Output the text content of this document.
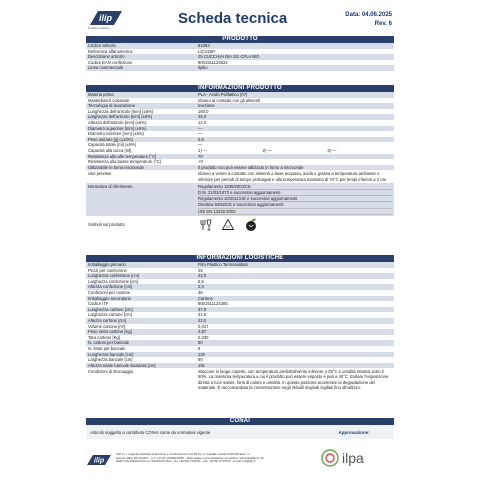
ilip
Prodotto in plastica
Scheda tecnica	Data: 04.06.2025
Rev. 6
PRODOTTO
Codice articolo	81083
Referenza alfanumerica	LICU25P
Descrizione articolo	25 CUCCHIAI BIA.SG CPLA BIO
Codice EAN confezione	8001511124822
Linea commerciale	Ilpilio
INFORMAZIONI PRODOTTO
Materia prima	PLA - Acido Polilattico (07)
Masterbatch colorante	Idoneo al contatto con gli alimenti
Tecnologia di lavorazione	Iniezione
Lunghezza dell'articolo [mm] (±5%)	160,0
Larghezza dell'articolo [mm] (±5%)	35,0
Altezza dell'articolo [mm] (±5%)	12,0
Diametro superiore [mm] (±5%)	—
Diametro inferiore [mm] (±5%)	—
Peso unitario [g] (±10%)	5,5
Capacità totale [ml] (±5%)	—
Capacità alla tacca [ml]	1) —	2) —	3) —
Resistenza alla alte temperature [°C]	70
Resistenza alla basse temperature [°C]	+0
Utilizzabile in forno microonde	Il prodotto non può essere utilizzato in forno a microonde
Uso previsto	Idoneo a venire a contatto con alimenti a base acquosa, acida e grassa a temperatura ambiente o inferiore per periodi di tempo prolungati e alla temperatura massima di 70°C per tempi inferiori a 2 ore
Normativa di riferimento	Regolamento 1935/2004/CE
D.M. 21/03/1973 e successivi aggiornamenti
Regolamento 10/2011/UE e successivi aggiornamenti
Direttiva 94/62/CE e successivi aggiornamenti
UNI EN 13432:2002
Simboli sul prodotto	07
INFORMAZIONI LOGISTICHE
Imballaggio primario	Film Plastico Termosaldato
Pezzi per confezione	25
Lunghezza confezione [cm]	22,0
Larghezza confezione [cm]	6,5
Altezza confezione [cm]	2,0
Confezioni per cartone	36
Imballaggio secondario	Cartone
Codice ITF	8001511124385
Lunghezza cartone [cm]	37,0
Larghezza cartone [cm]	21,0
Altezza cartone [cm]	22,0
Volume cartone [m³]	0,017
Peso netto cartone [Kg]	4,97
Tara cartone [Kg]	0,330
N. cartoni per bancale	80
N. strati per bancale	8
Lunghezza bancale [cm]	120
Larghezza bancale [cm]	80
Altezza totale bancale standard [cm]	191
Condizioni di stoccaggio	Stoccare in luogo coperto, con temperatura preferibilmente inferiore a 25°C e umidità relativa sotto il 50%. La massima temperatura a cui il prodotto può essere esposto è pari a 40°C. Evitare l'esposizione diretta a luce solare, fonti di calore e umidità. In questo possono accelerare la degradazione del materiale. È raccomandata la conservazione negli imballi originali sigillati fino all'utilizzo.
CONAI
Articolo soggetto a contributo CONAI come da normativa vigente	Approvazione:
ilip
ILIP S.r.l. soggetta all'attività di direzione e coordinamento di ILPA S.p.A. Capitale sociale 5.000.000 Euro i.v.
Numero REA: BO-624327 - C.F. e P.IVA: 03498470287 - Sede legale e amministrativa e produttiva: Via Castellarino, 92
40053 VALSAMOGGIA Loc. BAZZANO (BO) - Tel. +39 051 6715411 - Fax +39 051 6715413 - E-mail: info@ilip.it	ilpa
